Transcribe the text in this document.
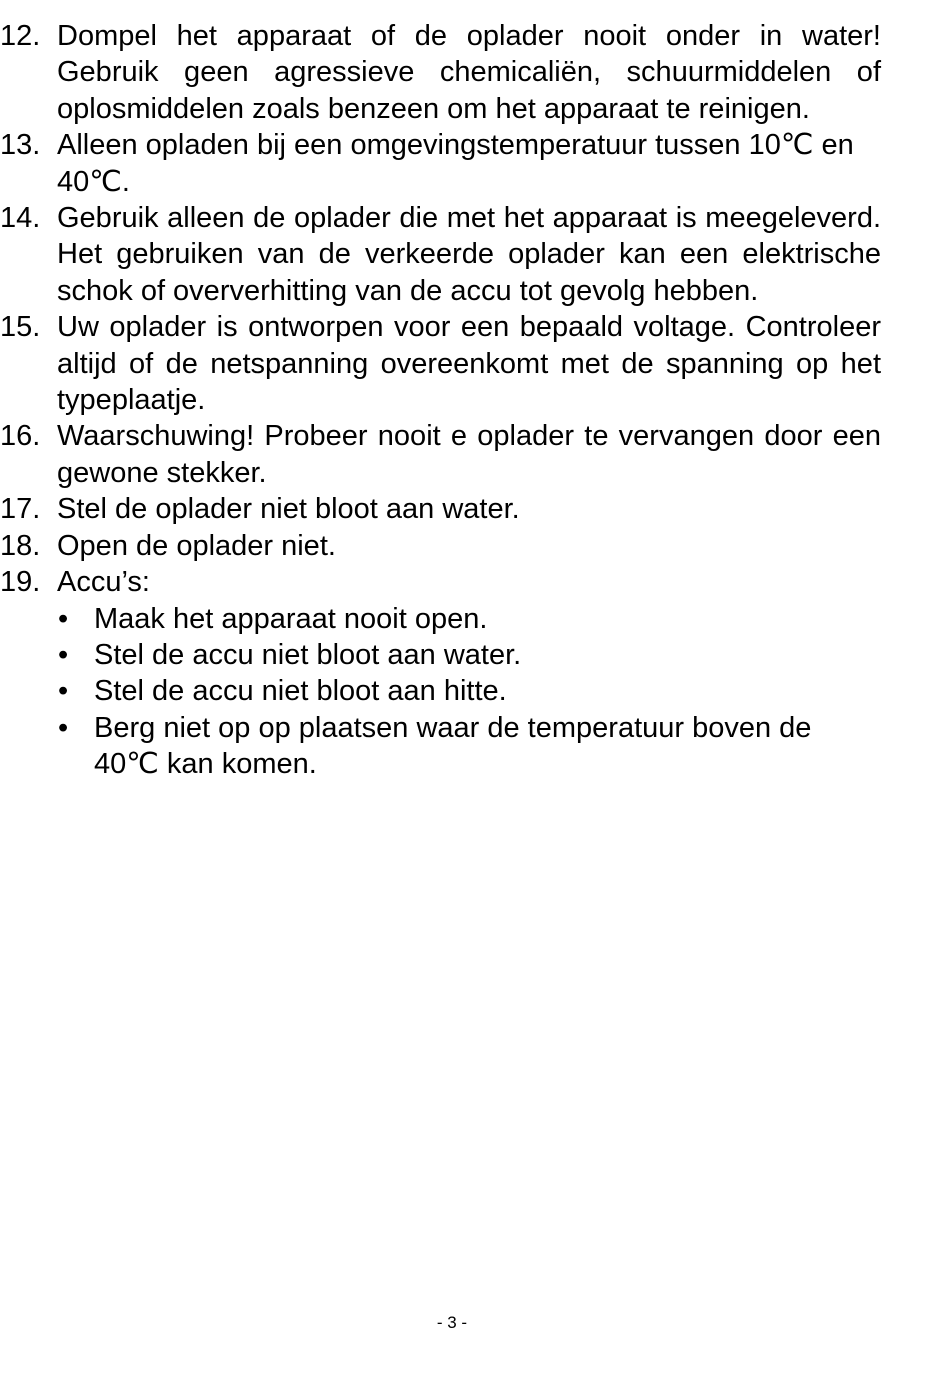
12. Dompel het apparaat of de oplader nooit onder in water! Gebruik geen agressieve chemicaliën, schuurmiddelen of oplosmiddelen zoals benzeen om het apparaat te reinigen.
13. Alleen opladen bij een omgevingstemperatuur tussen 10℃ en 40℃.
14. Gebruik alleen de oplader die met het apparaat is meegeleverd. Het gebruiken van de verkeerde oplader kan een elektrische schok of oververhitting van de accu tot gevolg hebben.
15. Uw oplader is ontworpen voor een bepaald voltage. Controleer altijd of de netspanning overeenkomt met de spanning op het typeplaatje.
16. Waarschuwing! Probeer nooit e oplader te vervangen door een gewone stekker.
17. Stel de oplader niet bloot aan water.
18. Open de oplader niet.
19. Accu’s:
• Maak het apparaat nooit open.
• Stel de accu niet bloot aan water.
• Stel de accu niet bloot aan hitte.
• Berg niet op op plaatsen waar de temperatuur boven de 40℃ kan komen.
- 3 -
